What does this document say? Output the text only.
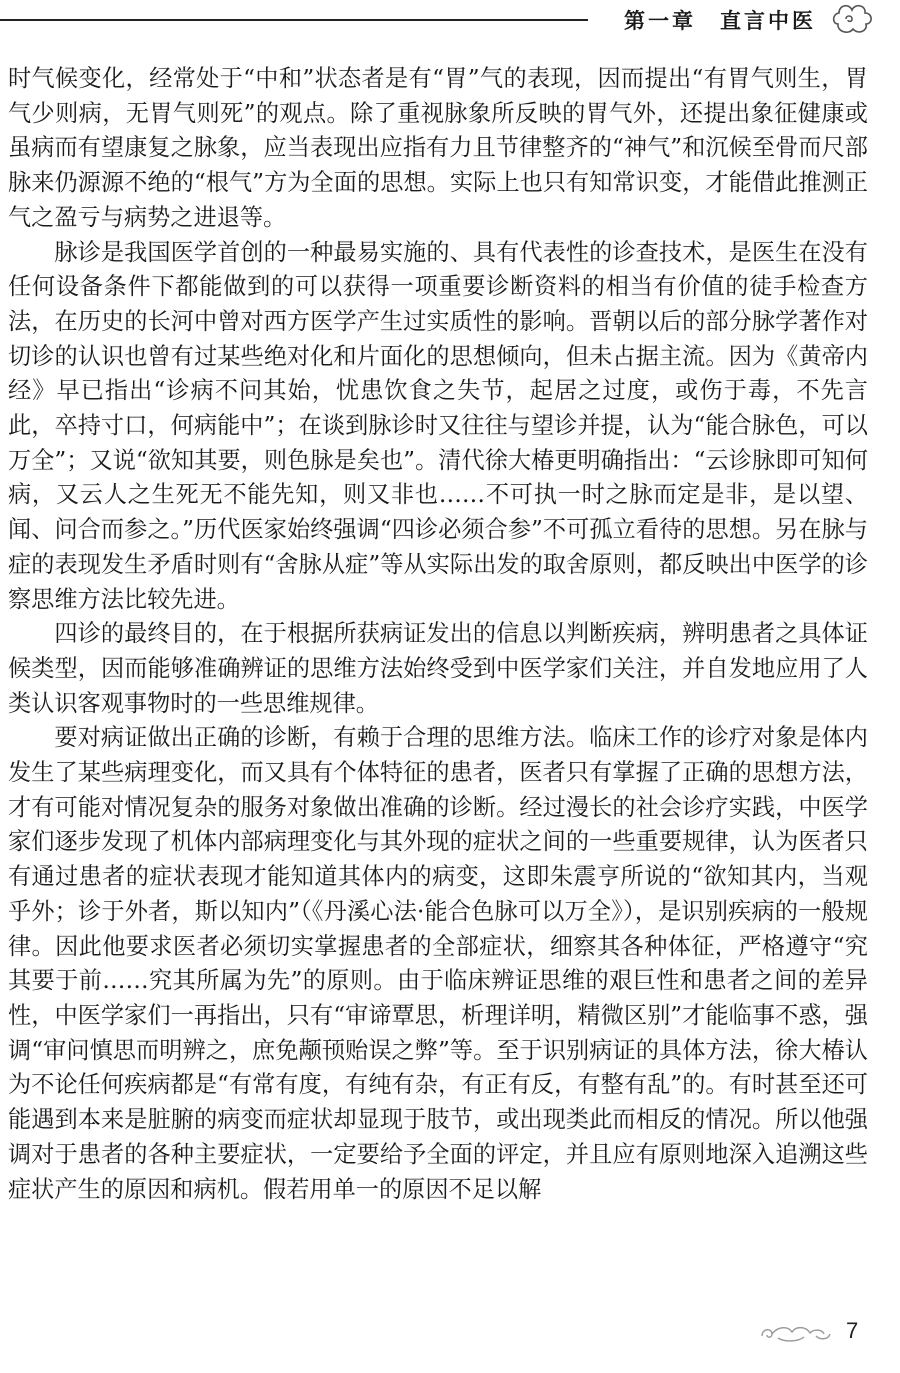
第一章　直言中医

时气候变化，经常处于“中和”状态者是有“胃”气的表现，因而提出“有胃气则生，胃气少则病，无胃气则死”的观点。除了重视脉象所反映的胃气外，还提出象征健康或虽病而有望康复之脉象，应当表现出应指有力且节律整齐的“神气”和沉候至骨而尺部脉来仍源源不绝的“根气”方为全面的思想。实际上也只有知常识变，才能借此推测正气之盈亏与病势之进退等。

脉诊是我国医学首创的一种最易实施的、具有代表性的诊查技术，是医生在没有任何设备条件下都能做到的可以获得一项重要诊断资料的相当有价值的徒手检查方法，在历史的长河中曾对西方医学产生过实质性的影响。晋朝以后的部分脉学著作对切诊的认识也曾有过某些绝对化和片面化的思想倾向，但未占据主流。因为《黄帝内经》早已指出“诊病不问其始，忧患饮食之失节，起居之过度，或伤于毒，不先言此，卒持寸口，何病能中”；在谈到脉诊时又往往与望诊并提，认为“能合脉色，可以万全”；又说“欲知其要，则色脉是矣也”。清代徐大椿更明确指出：“云诊脉即可知何病，又云人之生死无不能先知，则又非也……不可执一时之脉而定是非，是以望、闻、问合而参之。”历代医家始终强调“四诊必须合参”不可孤立看待的思想。另在脉与症的表现发生矛盾时则有“舍脉从症”等从实际出发的取舍原则，都反映出中医学的诊察思维方法比较先进。

四诊的最终目的，在于根据所获病证发出的信息以判断疾病，辨明患者之具体证候类型，因而能够准确辨证的思维方法始终受到中医学家们关注，并自发地应用了人类认识客观事物时的一些思维规律。

要对病证做出正确的诊断，有赖于合理的思维方法。临床工作的诊疗对象是体内发生了某些病理变化，而又具有个体特征的患者，医者只有掌握了正确的思想方法，才有可能对情况复杂的服务对象做出准确的诊断。经过漫长的社会诊疗实践，中医学家们逐步发现了机体内部病理变化与其外现的症状之间的一些重要规律，认为医者只有通过患者的症状表现才能知道其体内的病变，这即朱震亨所说的“欲知其内，当观乎外；诊于外者，斯以知内”（《丹溪心法·能合色脉可以万全》），是识别疾病的一般规律。因此他要求医者必须切实掌握患者的全部症状，细察其各种体征，严格遵守“究其要于前……究其所属为先”的原则。由于临床辨证思维的艰巨性和患者之间的差异性，中医学家们一再指出，只有“审谛覃思，析理详明，精微区别”才能临事不惑，强调“审问慎思而明辨之，庶免颟顸贻误之弊”等。至于识别病证的具体方法，徐大椿认为不论任何疾病都是“有常有度，有纯有杂，有正有反，有整有乱”的。有时甚至还可能遇到本来是脏腑的病变而症状却显现于肢节，或出现类此而相反的情况。所以他强调对于患者的各种主要症状，一定要给予全面的评定，并且应有原则地深入追溯这些症状产生的原因和病机。假若用单一的原因不足以解

7
